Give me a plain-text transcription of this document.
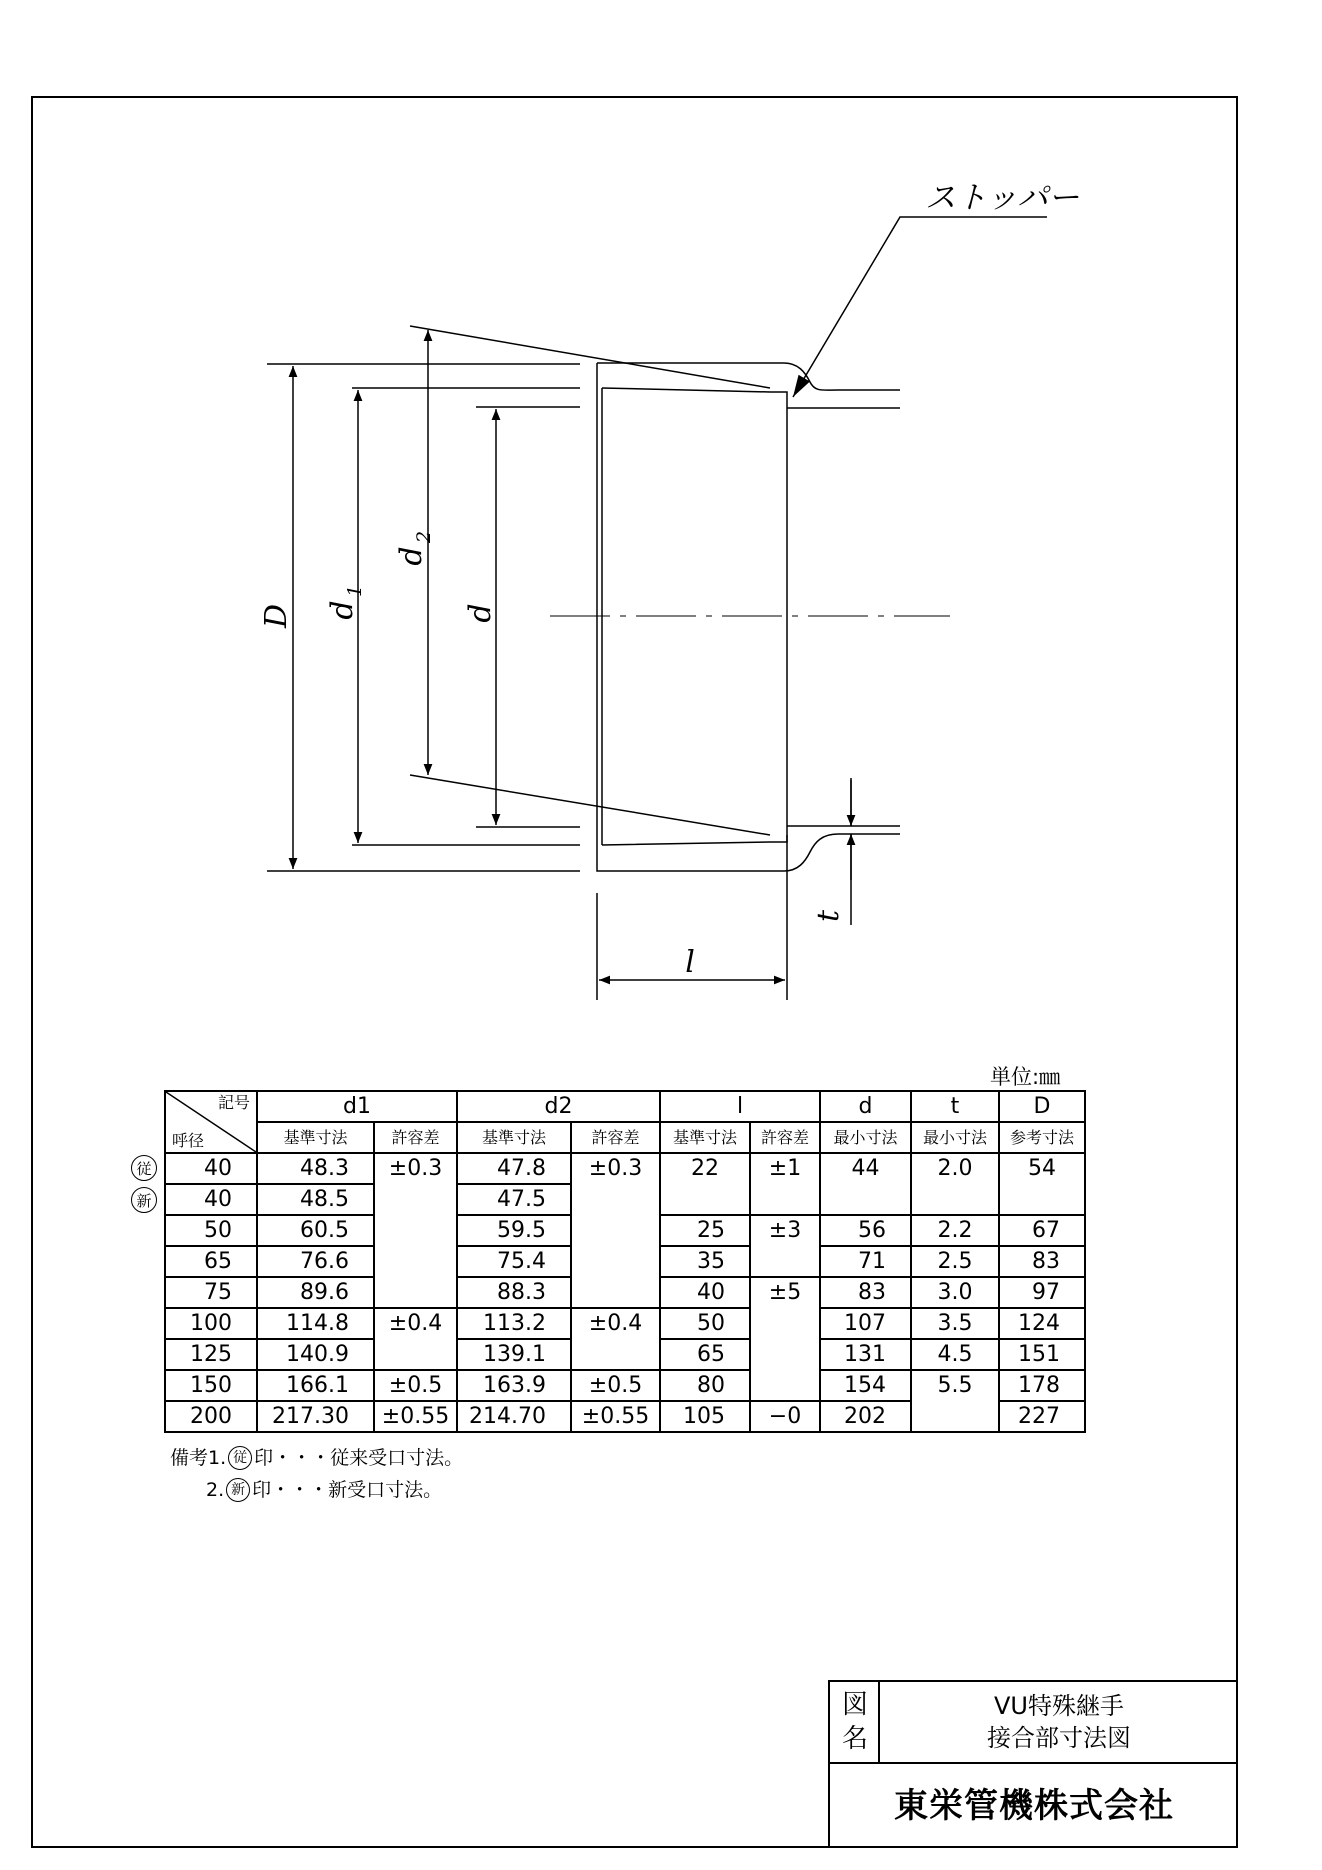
ストッパー
D d
1
d
2
d
l
t
単位:㎜
記号
呼径	d1		d2		l		d	t	D
	基準寸法	許容差	基準寸法	許容差	基準寸法	許容差	最小寸法	最小寸法	参考寸法
40	48.3	±0.3	47.8	±0.3	22	±1	44	2.0	54
40	48.5		47.5						
50	60.5		59.5		25	±3	56	2.2	67
65	76.6		75.4		35		71	2.5	83
75	89.6		88.3		40	±5	83	3.0	97
100	114.8	±0.4	113.2	±0.4	50		107	3.5	124
125	140.9		139.1		65		131	4.5	151
150	166.1	±0.5	163.9	±0.5	80		154	5.5	178
200	217.30	±0.55	214.70	±0.55	105	−0	202		227
従
新
備考1. 従 印・・・従来受口寸法。
2. 新 印・・・新受口寸法。
図名
VU特殊継手
接合部寸法図
東栄管機株式会社
